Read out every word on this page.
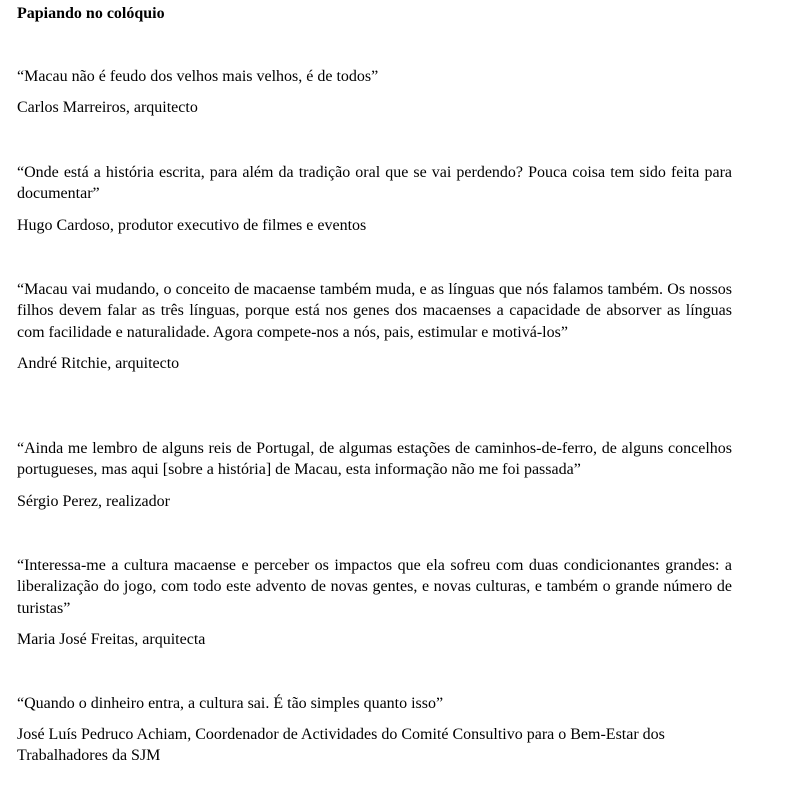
Papiando no colóquio

“Macau não é feudo dos velhos mais velhos, é de todos”

Carlos Marreiros, arquitecto

“Onde está a história escrita, para além da tradição oral que se vai perdendo? Pouca coisa tem sido feita para documentar”

Hugo Cardoso, produtor executivo de filmes e eventos

“Macau vai mudando, o conceito de macaense também muda, e as línguas que nós falamos também. Os nossos filhos devem falar as três línguas, porque está nos genes dos macaenses a capacidade de absorver as línguas com facilidade e naturalidade. Agora compete-nos a nós, pais, estimular e motivá-los”

André Ritchie, arquitecto

“Ainda me lembro de alguns reis de Portugal, de algumas estações de caminhos-de-ferro, de alguns concelhos portugueses, mas aqui [sobre a história] de Macau, esta informação não me foi passada”

Sérgio Perez, realizador

“Interessa-me a cultura macaense e perceber os impactos que ela sofreu com duas condicionantes grandes: a liberalização do jogo, com todo este advento de novas gentes, e novas culturas, e também o grande número de turistas”

Maria José Freitas, arquitecta

“Quando o dinheiro entra, a cultura sai. É tão simples quanto isso”

José Luís Pedruco Achiam, Coordenador de Actividades do Comité Consultivo para o Bem-Estar dos Trabalhadores da SJM
